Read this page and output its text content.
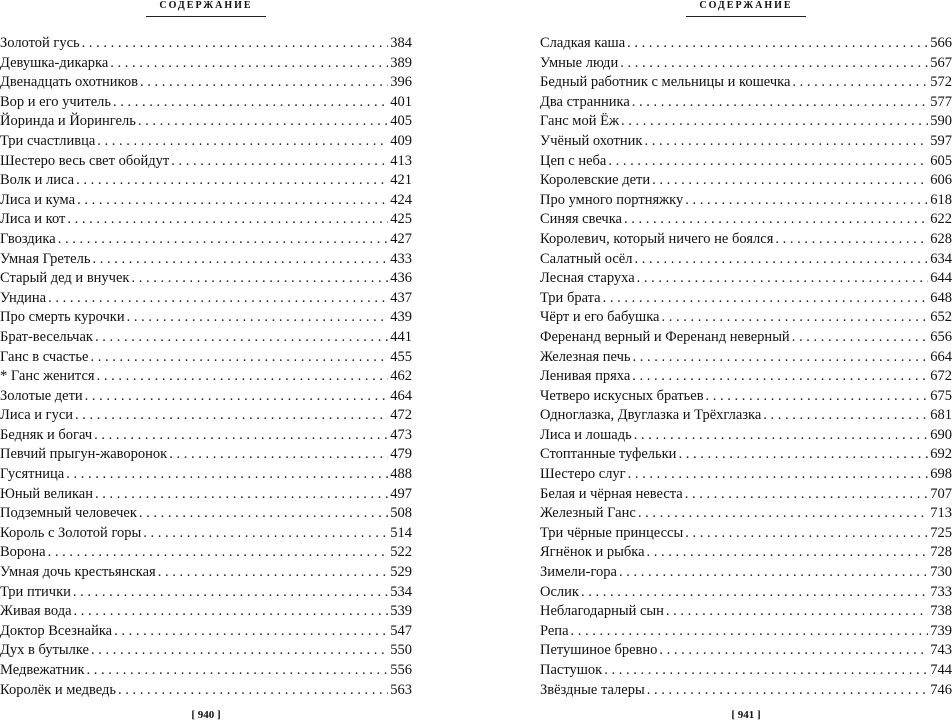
СОДЕРЖАНИЕ
Золотой гусь . . .	384
Девушка-дикарка . . .	389
Двенадцать охотников . . .	396
Вор и его учитель . . .	401
Йоринда и Йорингель . . .	405
Три счастливца . . .	409
Шестеро весь свет обойдут . . .	413
Волк и лиса . . .	421
Лиса и кума . . .	424
Лиса и кот . . .	425
Гвоздика . . .	427
Умная Гретель . . .	433
Старый дед и внучек . . .	436
Ундина . . .	437
Про смерть курочки . . .	439
Брат-весельчак . . .	441
Ганс в счастье . . .	455
* Ганс женится . . .	462
Золотые дети . . .	464
Лиса и гуси . . .	472
Бедняк и богач . . .	473
Певчий прыгун-жаворонок . . .	479
Гусятница . . .	488
Юный великан . . .	497
Подземный человечек . . .	508
Король с Золотой горы . . .	514
Ворона . . .	522
Умная дочь крестьянская . . .	529
Три птички . . .	534
Живая вода . . .	539
Доктор Всезнайка . . .	547
Дух в бутылке . . .	550
Медвежатник . . .	556
Королёк и медведь . . .	563
[ 940 ]
СОДЕРЖАНИЕ
Сладкая каша . . .	566
Умные люди . . .	567
Бедный работник с мельницы и кошечка . . .	572
Два странника . . .	577
Ганс мой Ёж . . .	590
Учёный охотник . . .	597
Цеп с неба . . .	605
Королевские дети . . .	606
Про умного портняжку . . .	618
Синяя свечка . . .	622
Королевич, который ничего не боялся . . .	628
Салатный осёл . . .	634
Лесная старуха . . .	644
Три брата . . .	648
Чёрт и его бабушка . . .	652
Ференанд верный и Ференанд неверный . . .	656
Железная печь . . .	664
Ленивая пряха . . .	672
Четверо искусных братьев . . .	675
Одноглазка, Двуглазка и Трёхглазка . . .	681
Лиса и лошадь . . .	690
Стоптанные туфельки . . .	692
Шестеро слуг . . .	698
Белая и чёрная невеста . . .	707
Железный Ганс . . .	713
Три чёрные принцессы . . .	725
Ягнёнок и рыбка . . .	728
Зимели-гора . . .	730
Ослик . . .	733
Неблагодарный сын . . .	738
Репа . . .	739
Петушиное бревно . . .	743
Пастушок . . .	744
Звёздные талеры . . .	746
[ 941 ]
